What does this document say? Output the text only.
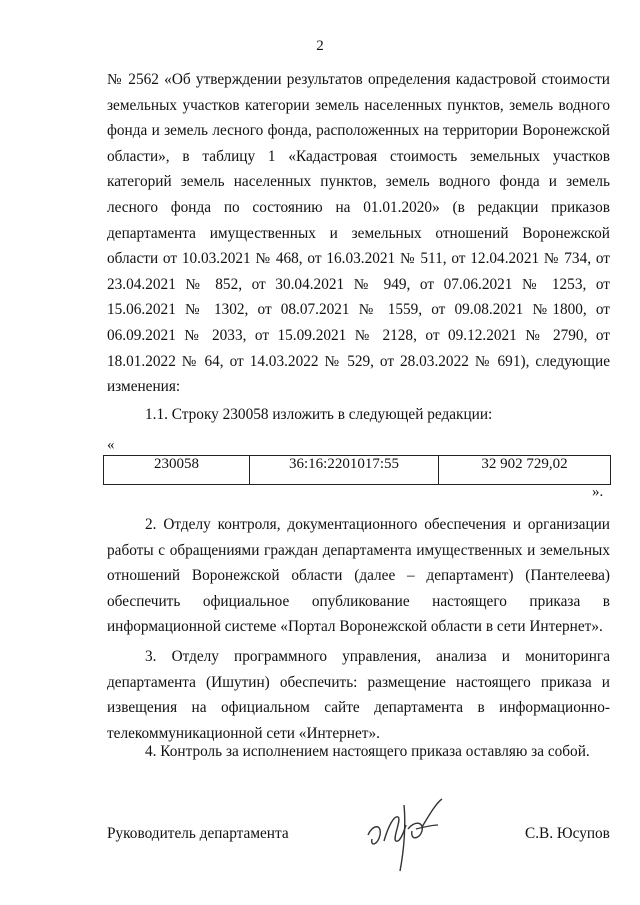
2
№ 2562 «Об утверждении результатов определения кадастровой стоимости
земельных участков категории земель населенных пунктов, земель водного
фонда и земель лесного фонда, расположенных на территории Воронежской
области», в таблицу 1 «Кадастровая стоимость земельных участков
категорий земель населенных пунктов, земель водного фонда и земель
лесного фонда по состоянию на 01.01.2020» (в редакции приказов
департамента имущественных и земельных отношений Воронежской
области от 10.03.2021 № 468, от 16.03.2021 № 511, от 12.04.2021 № 734, от
23.04.2021 № 852, от 30.04.2021 № 949, от 07.06.2021 № 1253, от
15.06.2021 № 1302, от 08.07.2021 № 1559, от 09.08.2021 №1800, от
06.09.2021 № 2033, от 15.09.2021 № 2128, от 09.12.2021 № 2790, от
18.01.2022 № 64, от 14.03.2022 № 529, от 28.03.2022 № 691), следующие
изменения:
1.1. Строку 230058 изложить в следующей редакции:
«
230058	36:16:2201017:55	32 902 729,02
».
2. Отделу контроля, документационного обеспечения и организации
работы с обращениями граждан департамента имущественных и земельных
отношений Воронежской области (далее – департамент) (Пантелеева)
обеспечить официальное опубликование настоящего приказа в
информационной системе «Портал Воронежской области в сети Интернет».
3. Отделу программного управления, анализа и мониторинга
департамента (Ишутин) обеспечить: размещение настоящего приказа и
извещения на официальном сайте департамента в информационно-
телекоммуникационной сети «Интернет».
4. Контроль за исполнением настоящего приказа оставляю за собой.
Руководитель департамента	С.В. Юсупов
